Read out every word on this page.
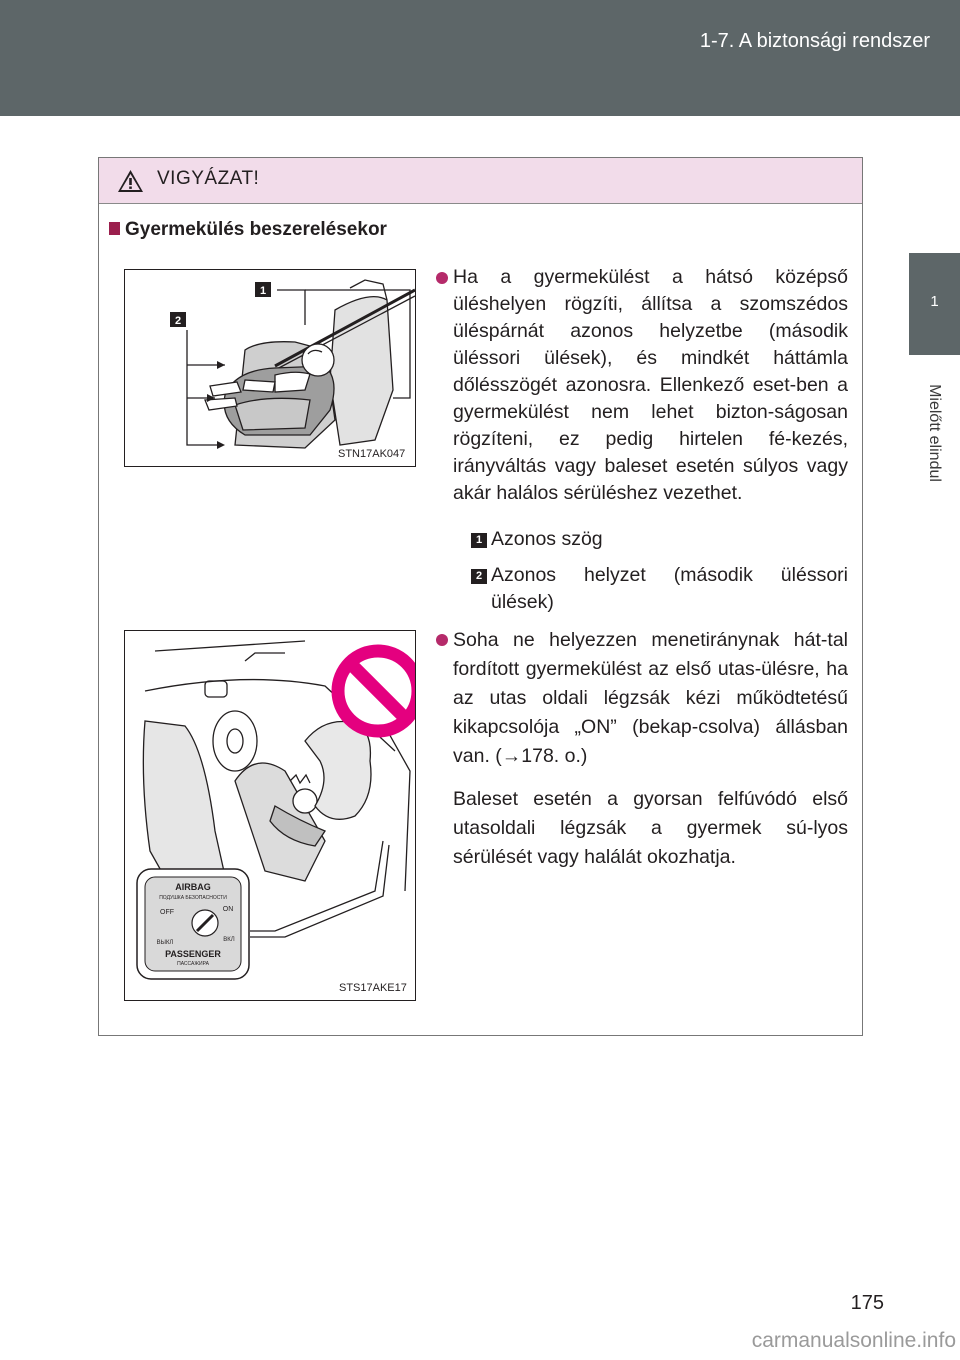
1-7. A biztonsági rendszer
1
Mielőtt elindul
VIGYÁZAT!
Gyermekülés beszerelésekor
1
2
STN17AK047
AIRBAG
ПОДУШКА БЕЗОПАСНОСТИ
OFF	ON
ВЫКЛ	ВКЛ
PASSENGER
ПАССАЖИРА
STS17AKE17
Ha a gyermekülést a hátsó középső üléshelyen rögzíti, állítsa a szomszédos üléspárnát azonos helyzetbe (második üléssori ülések), és mindkét háttámla dőlésszögét azonosra. Ellenkező eset-ben a gyermekülést nem lehet bizton-ságosan rögzíteni, ez pedig hirtelen fé-kezés, irányváltás vagy baleset esetén súlyos vagy akár halálos sérüléshez vezethet.
1 Azonos szög
2 Azonos helyzet (második üléssori ülések)
Soha ne helyezzen menetiránynak hát-tal fordított gyermekülést az első utas-ülésre, ha az utas oldali légzsák kézi működtetésű kikapcsolója „ON” (bekap-csolva) állásban van. (→178. o.)
Baleset esetén a gyorsan felfúvódó első utasoldali légzsák a gyermek sú-lyos sérülését vagy halálát okozhatja.
175
carmanualsonline.info
